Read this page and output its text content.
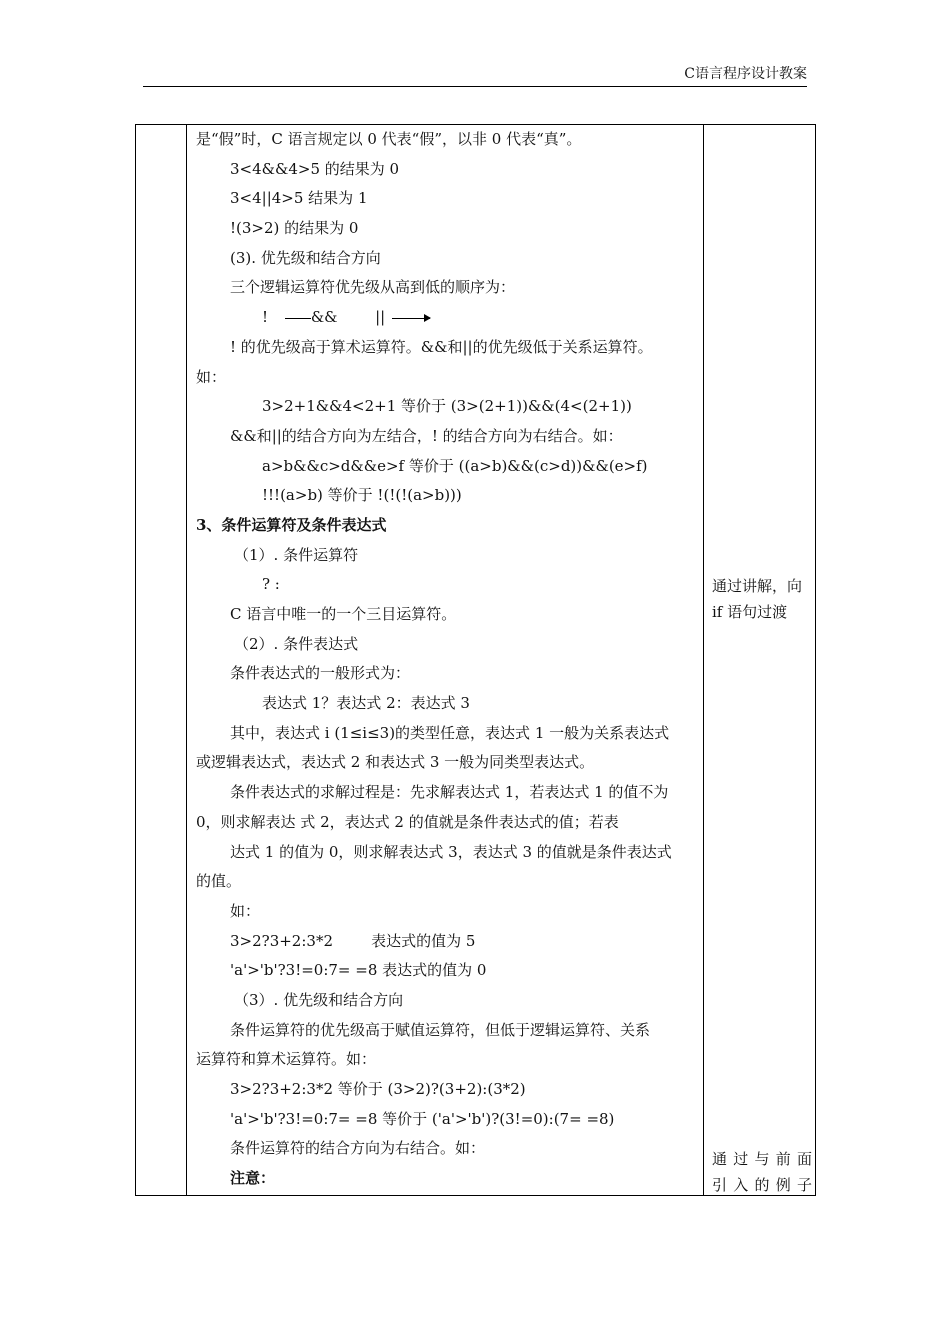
C语言程序设计教案
是“假”时，C 语言规定以 0 代表“假”，以非 0 代表“真”。
3<4&&4>5 的结果为 0
3<4||4>5 结果为 1
!(3>2) 的结果为 0
(3). 优先级和结合方向
三个逻辑运算符优先级从高到低的顺序为：
!	&&	||
! 的优先级高于算术运算符。&&和||的优先级低于关系运算符。
如：
3>2+1&&4<2+1 等价于 (3>(2+1))&&(4<(2+1))
&&和||的结合方向为左结合，! 的结合方向为右结合。如：
a>b&&c>d&&e>f 等价于 ((a>b)&&(c>d))&&(e>f)
!!!(a>b) 等价于 !(!(!(a>b)))
3、条件运算符及条件表达式
（1）. 条件运算符
? :
C 语言中唯一的一个三目运算符。
（2）. 条件表达式
条件表达式的一般形式为：
表达式 1？表达式 2：表达式 3
其中，表达式 i (1≤i≤3)的类型任意，表达式 1 一般为关系表达式
或逻辑表达式，表达式 2 和表达式 3 一般为同类型表达式。
条件表达式的求解过程是：先求解表达式 1，若表达式 1 的值不为
0，则求解表达 式 2，表达式 2 的值就是条件表达式的值；若表
达式 1 的值为 0，则求解表达式 3，表达式 3 的值就是条件表达式
的值。
如：
3>2?3+2:3*2        表达式的值为 5
'a'>'b'?3!=0:7= =8 表达式的值为 0
（3）. 优先级和结合方向
条件运算符的优先级高于赋值运算符，但低于逻辑运算符、关系
运算符和算术运算符。如：
3>2?3+2:3*2 等价于 (3>2)?(3+2):(3*2)
'a'>'b'?3!=0:7= =8 等价于 ('a'>'b')?(3!=0):(7= =8)
条件运算符的结合方向为右结合。如：
注意：
通过讲解，向
if 语句过渡
通过与前面
引入的例子
